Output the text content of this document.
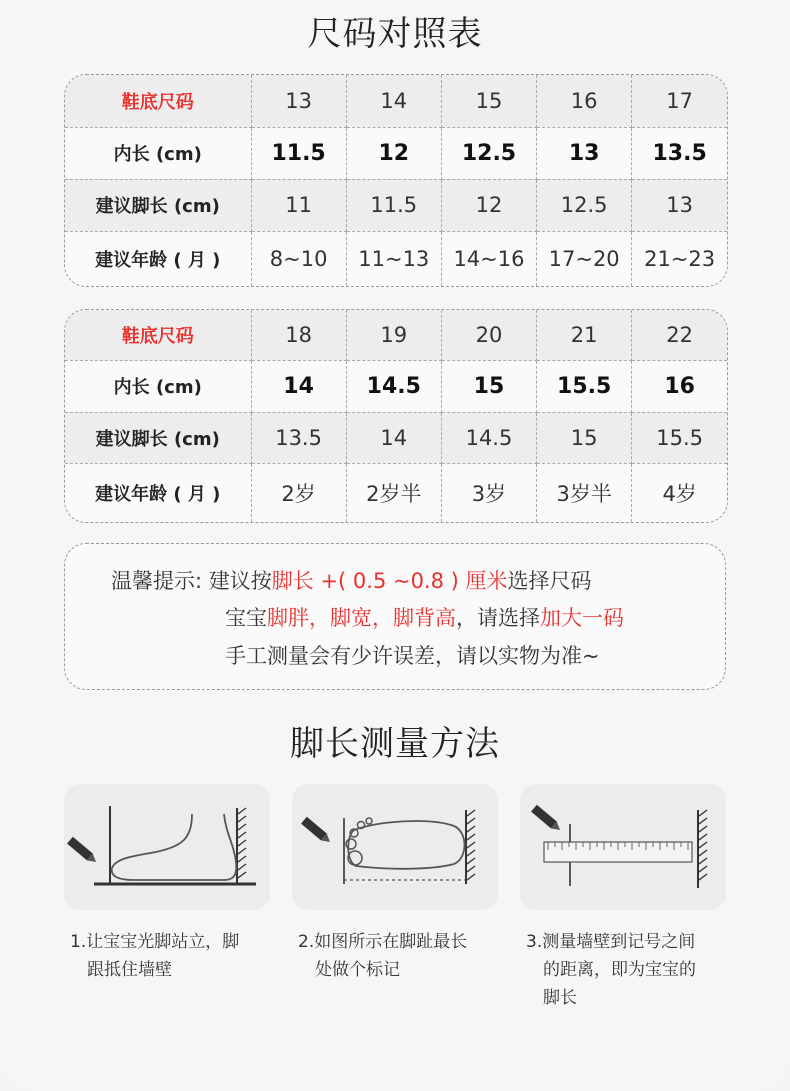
尺码对照表
鞋底尺码	13	14	15	16	17
内长 (cm)	11.5	12	12.5	13	13.5
建议脚长 (cm)	11	11.5	12	12.5	13
建议年龄 ( 月 )	8~10	11~13	14~16	17~20	21~23
鞋底尺码	18	19	20	21	22
内长 (cm)	14	14.5	15	15.5	16
建议脚长 (cm)	13.5	14	14.5	15	15.5
建议年龄 ( 月 )	2岁	2岁半	3岁	3岁半	4岁
温馨提示: 建议按脚长 +( 0.5 ~0.8 ) 厘米选择尺码
宝宝脚胖，脚宽，脚背高，请选择加大一码
手工测量会有少许误差，请以实物为准~
脚长测量方法
1.让宝宝光脚站立，脚
跟抵住墙壁
2.如图所示在脚趾最长
处做个标记
3.测量墙壁到记号之间
的距离，即为宝宝的
脚长
